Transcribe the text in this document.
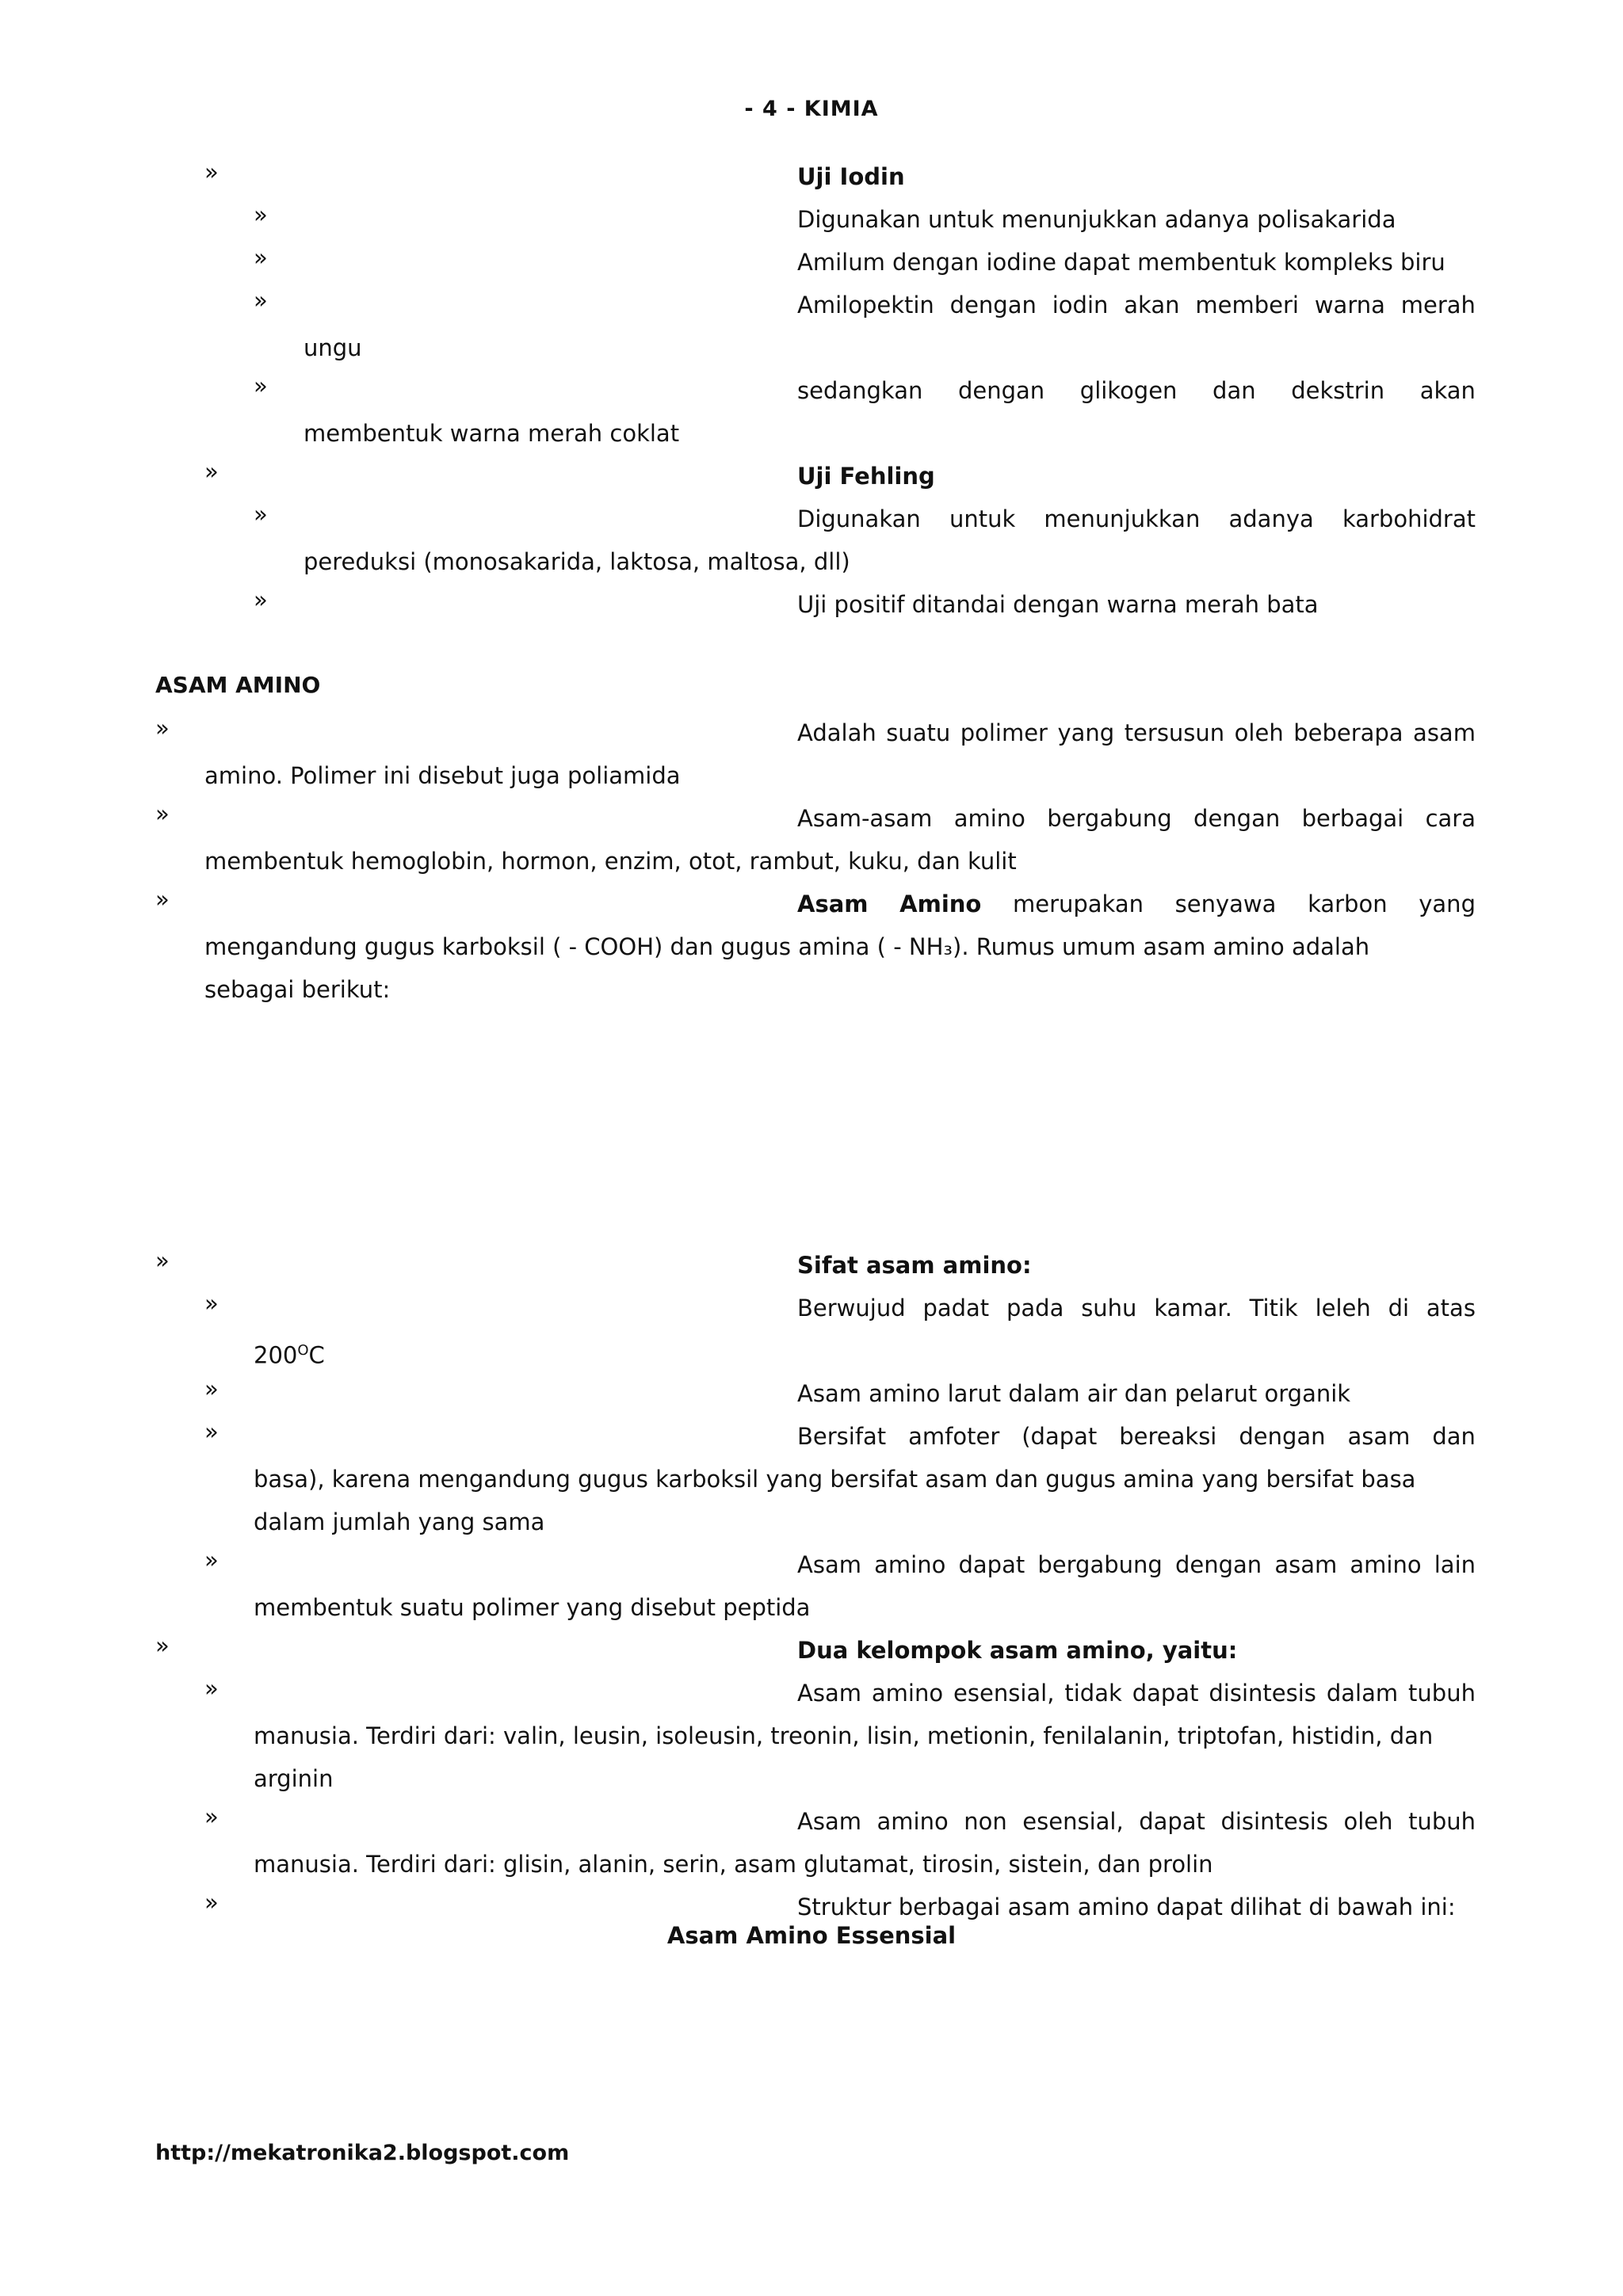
- 4 - KIMIA
»	Uji Iodin
»	Digunakan untuk menunjukkan adanya polisakarida
»	Amilum dengan iodine dapat membentuk kompleks biru
»	Amilopektin dengan iodin akan memberi warna merah
ungu
»	sedangkan dengan glikogen dan dekstrin akan
membentuk warna merah coklat
»	Uji Fehling
»	Digunakan untuk menunjukkan adanya karbohidrat
pereduksi (monosakarida, laktosa, maltosa, dll)
»	Uji positif ditandai dengan warna merah bata
ASAM AMINO
»	Adalah suatu polimer yang tersusun oleh beberapa asam
amino. Polimer ini disebut juga poliamida
»	Asam-asam amino bergabung dengan berbagai cara
membentuk hemoglobin, hormon, enzim, otot, rambut, kuku, dan kulit
»	Asam Amino merupakan senyawa karbon yang
mengandung gugus karboksil ( - COOH) dan gugus amina ( - NH₃). Rumus umum asam amino adalah
sebagai berikut:
»	Sifat asam amino:
»	Berwujud padat pada suhu kamar. Titik leleh di atas
$200^OC$
»	Asam amino larut dalam air dan pelarut organik
»	Bersifat amfoter (dapat bereaksi dengan asam dan
basa), karena mengandung gugus karboksil yang bersifat asam dan gugus amina yang bersifat basa
dalam jumlah yang sama
»	Asam amino dapat bergabung dengan asam amino lain
membentuk suatu polimer yang disebut peptida
»	Dua kelompok asam amino, yaitu:
»	Asam amino esensial, tidak dapat disintesis dalam tubuh
manusia. Terdiri dari: valin, leusin, isoleusin, treonin, lisin, metionin, fenilalanin, triptofan, histidin, dan
arginin
»	Asam amino non esensial, dapat disintesis oleh tubuh
manusia. Terdiri dari: glisin, alanin, serin, asam glutamat, tirosin, sistein, dan prolin
»	Struktur berbagai asam amino dapat dilihat di bawah ini:
Asam Amino Essensial
http://mekatronika2.blogspot.com
